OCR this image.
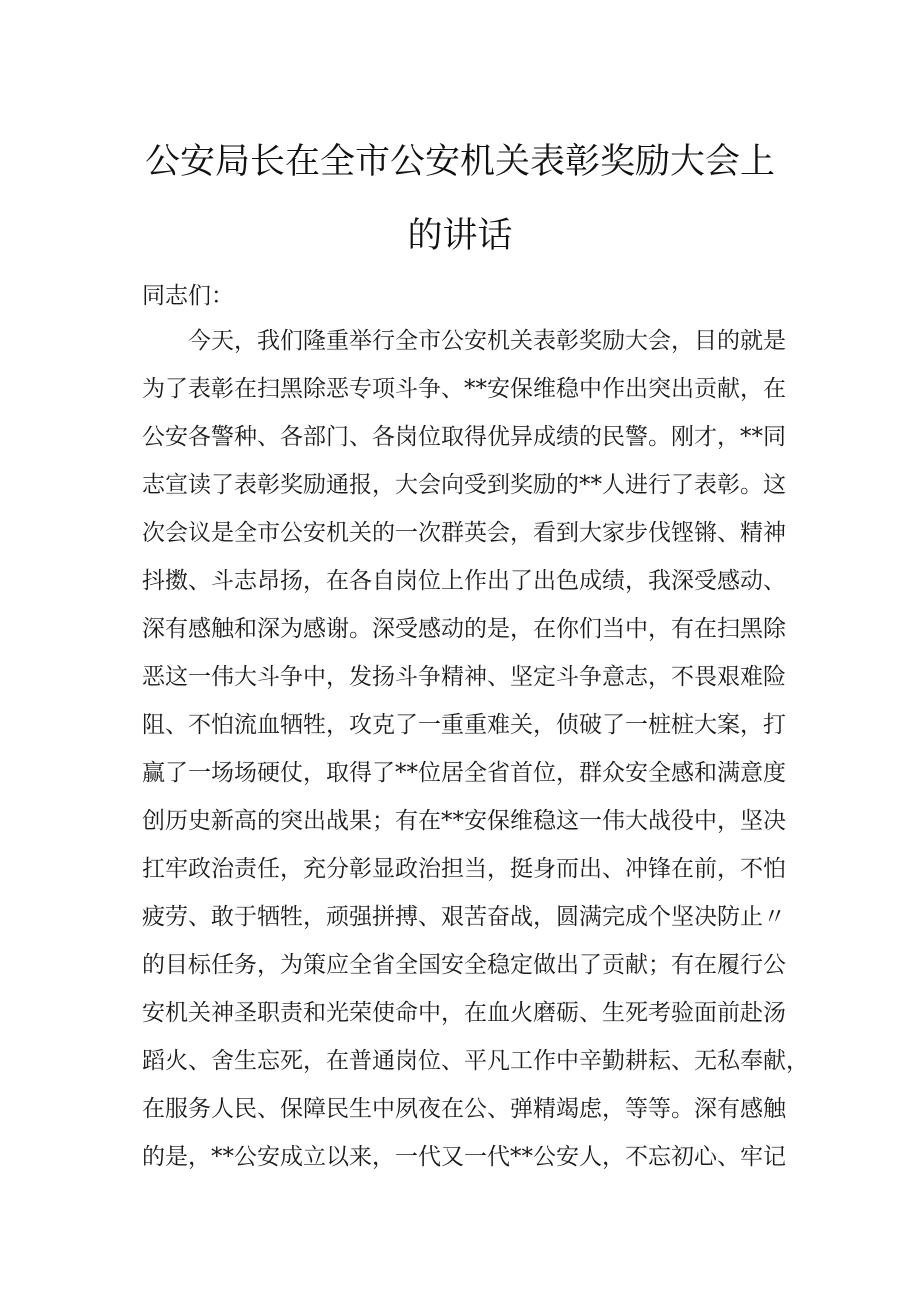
公安局长在全市公安机关表彰奖励大会上
的讲话

同志们：

今天，我们隆重举行全市公安机关表彰奖励大会，目的就是

为了表彰在扫黑除恶专项斗争、**安保维稳中作出突出贡献，在

公安各警种、各部门、各岗位取得优异成绩的民警。刚才，**同

志宣读了表彰奖励通报，大会向受到奖励的**人进行了表彰。这

次会议是全市公安机关的一次群英会，看到大家步伐铿锵、精神

抖擞、斗志昂扬，在各自岗位上作出了出色成绩，我深受感动、

深有感触和深为感谢。深受感动的是，在你们当中，有在扫黑除

恶这一伟大斗争中，发扬斗争精神、坚定斗争意志，不畏艰难险

阻、不怕流血牺牲，攻克了一重重难关，侦破了一桩桩大案，打

赢了一场场硬仗，取得了**位居全省首位，群众安全感和满意度

创历史新高的突出战果；有在**安保维稳这一伟大战役中，坚决

扛牢政治责任，充分彰显政治担当，挺身而出、冲锋在前，不怕

疲劳、敢于牺牲，顽强拼搏、艰苦奋战，圆满完成个坚决防止〃

的目标任务，为策应全省全国安全稳定做出了贡献；有在履行公

安机关神圣职责和光荣使命中，在血火磨砺、生死考验面前赴汤

蹈火、舍生忘死，在普通岗位、平凡工作中辛勤耕耘、无私奉献，

在服务人民、保障民生中夙夜在公、弹精竭虑，等等。深有感触

的是，**公安成立以来，一代又一代**公安人，不忘初心、牢记
